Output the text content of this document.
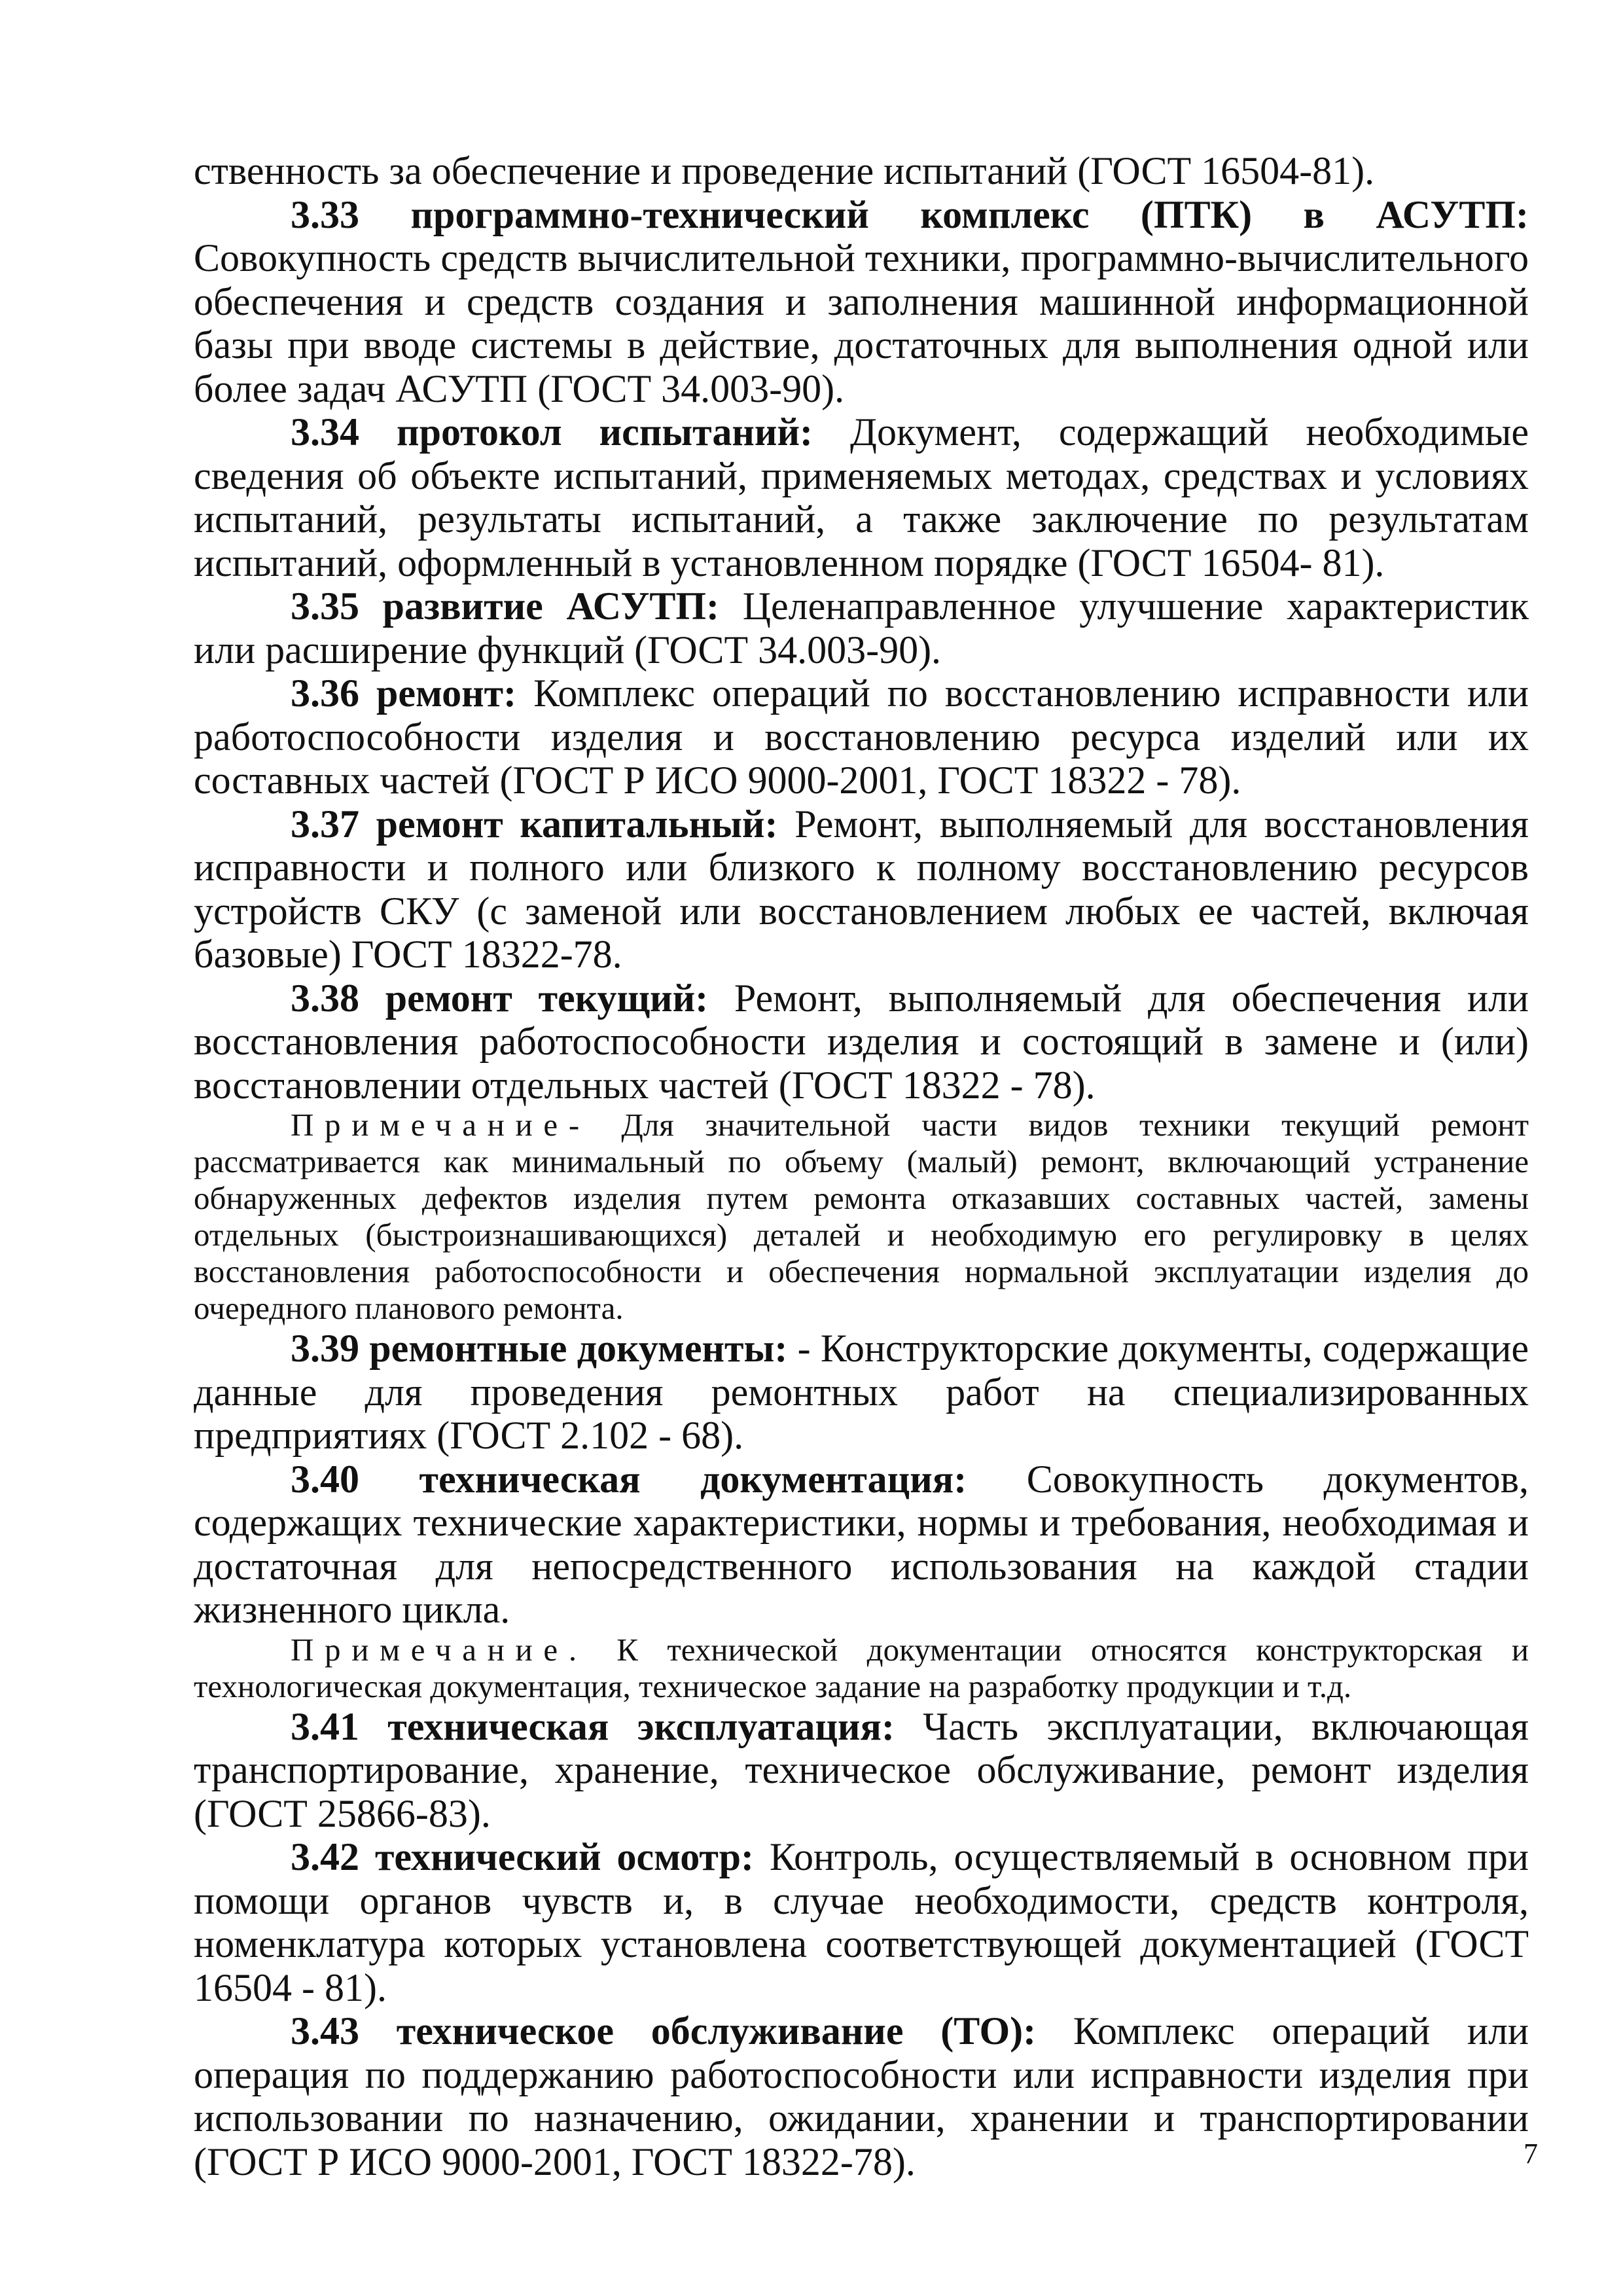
ственность за обеспечение и проведение испытаний (ГОСТ 16504-81).

3.33 программно-технический комплекс (ПТК) в АСУТП: Совокупность средств вычислительной техники, программно-вычислительного обеспечения и средств создания и заполнения машинной информационной базы при вводе системы в действие, достаточных для выполнения одной или более задач АСУТП (ГОСТ 34.003-90).

3.34 протокол испытаний: Документ, содержащий необходимые сведения об объекте испытаний, применяемых методах, средствах и условиях испытаний, результаты испытаний, а также заключение по результатам испытаний, оформленный в установленном порядке (ГОСТ 16504- 81).

3.35 развитие АСУТП: Целенаправленное улучшение характеристик или расширение функций (ГОСТ 34.003-90).

3.36 ремонт: Комплекс операций по восстановлению исправности или работоспособности изделия и восстановлению ресурса изделий или их составных частей (ГОСТ Р ИСО 9000-2001, ГОСТ 18322 - 78).

3.37 ремонт капитальный: Ремонт, выполняемый для восстановления исправности и полного или близкого к полному восстановлению ресурсов устройств СКУ (с заменой или восстановлением любых ее частей, включая базовые) ГОСТ 18322-78.

3.38 ремонт текущий: Ремонт, выполняемый для обеспечения или восстановления работоспособности изделия и состоящий в замене и (или) восстановлении отдельных частей (ГОСТ 18322 - 78).

Примечание- Для значительной части видов техники текущий ремонт рассматривается как минимальный по объему (малый) ремонт, включающий устранение обнаруженных дефектов изделия путем ремонта отказавших составных частей, замены отдельных (быстроизнашивающихся) деталей и необходимую его регулировку в целях восстановления работоспособности и обеспечения нормальной эксплуатации изделия до очередного планового ремонта.

3.39 ремонтные документы: - Конструкторские документы, содержащие данные для проведения ремонтных работ на специализированных предприятиях (ГОСТ 2.102 - 68).

3.40 техническая документация: Совокупность документов, содержащих технические характеристики, нормы и требования, необходимая и достаточная для непосредственного использования на каждой стадии жизненного цикла.

Примечание. К технической документации относятся конструкторская и технологическая документация, техническое задание на разработку продукции и т.д.

3.41 техническая эксплуатация: Часть эксплуатации, включающая транспортирование, хранение, техническое обслуживание, ремонт изделия (ГОСТ 25866-83).

3.42 технический осмотр: Контроль, осуществляемый в основном при помощи органов чувств и, в случае необходимости, средств контроля, номенклатура которых установлена соответствующей документацией (ГОСТ 16504 - 81).

3.43 техническое обслуживание (ТО): Комплекс операций или операция по поддержанию работоспособности или исправности изделия при использовании по назначению, ожидании, хранении и транспортировании (ГОСТ Р ИСО 9000-2001, ГОСТ 18322-78).	7
